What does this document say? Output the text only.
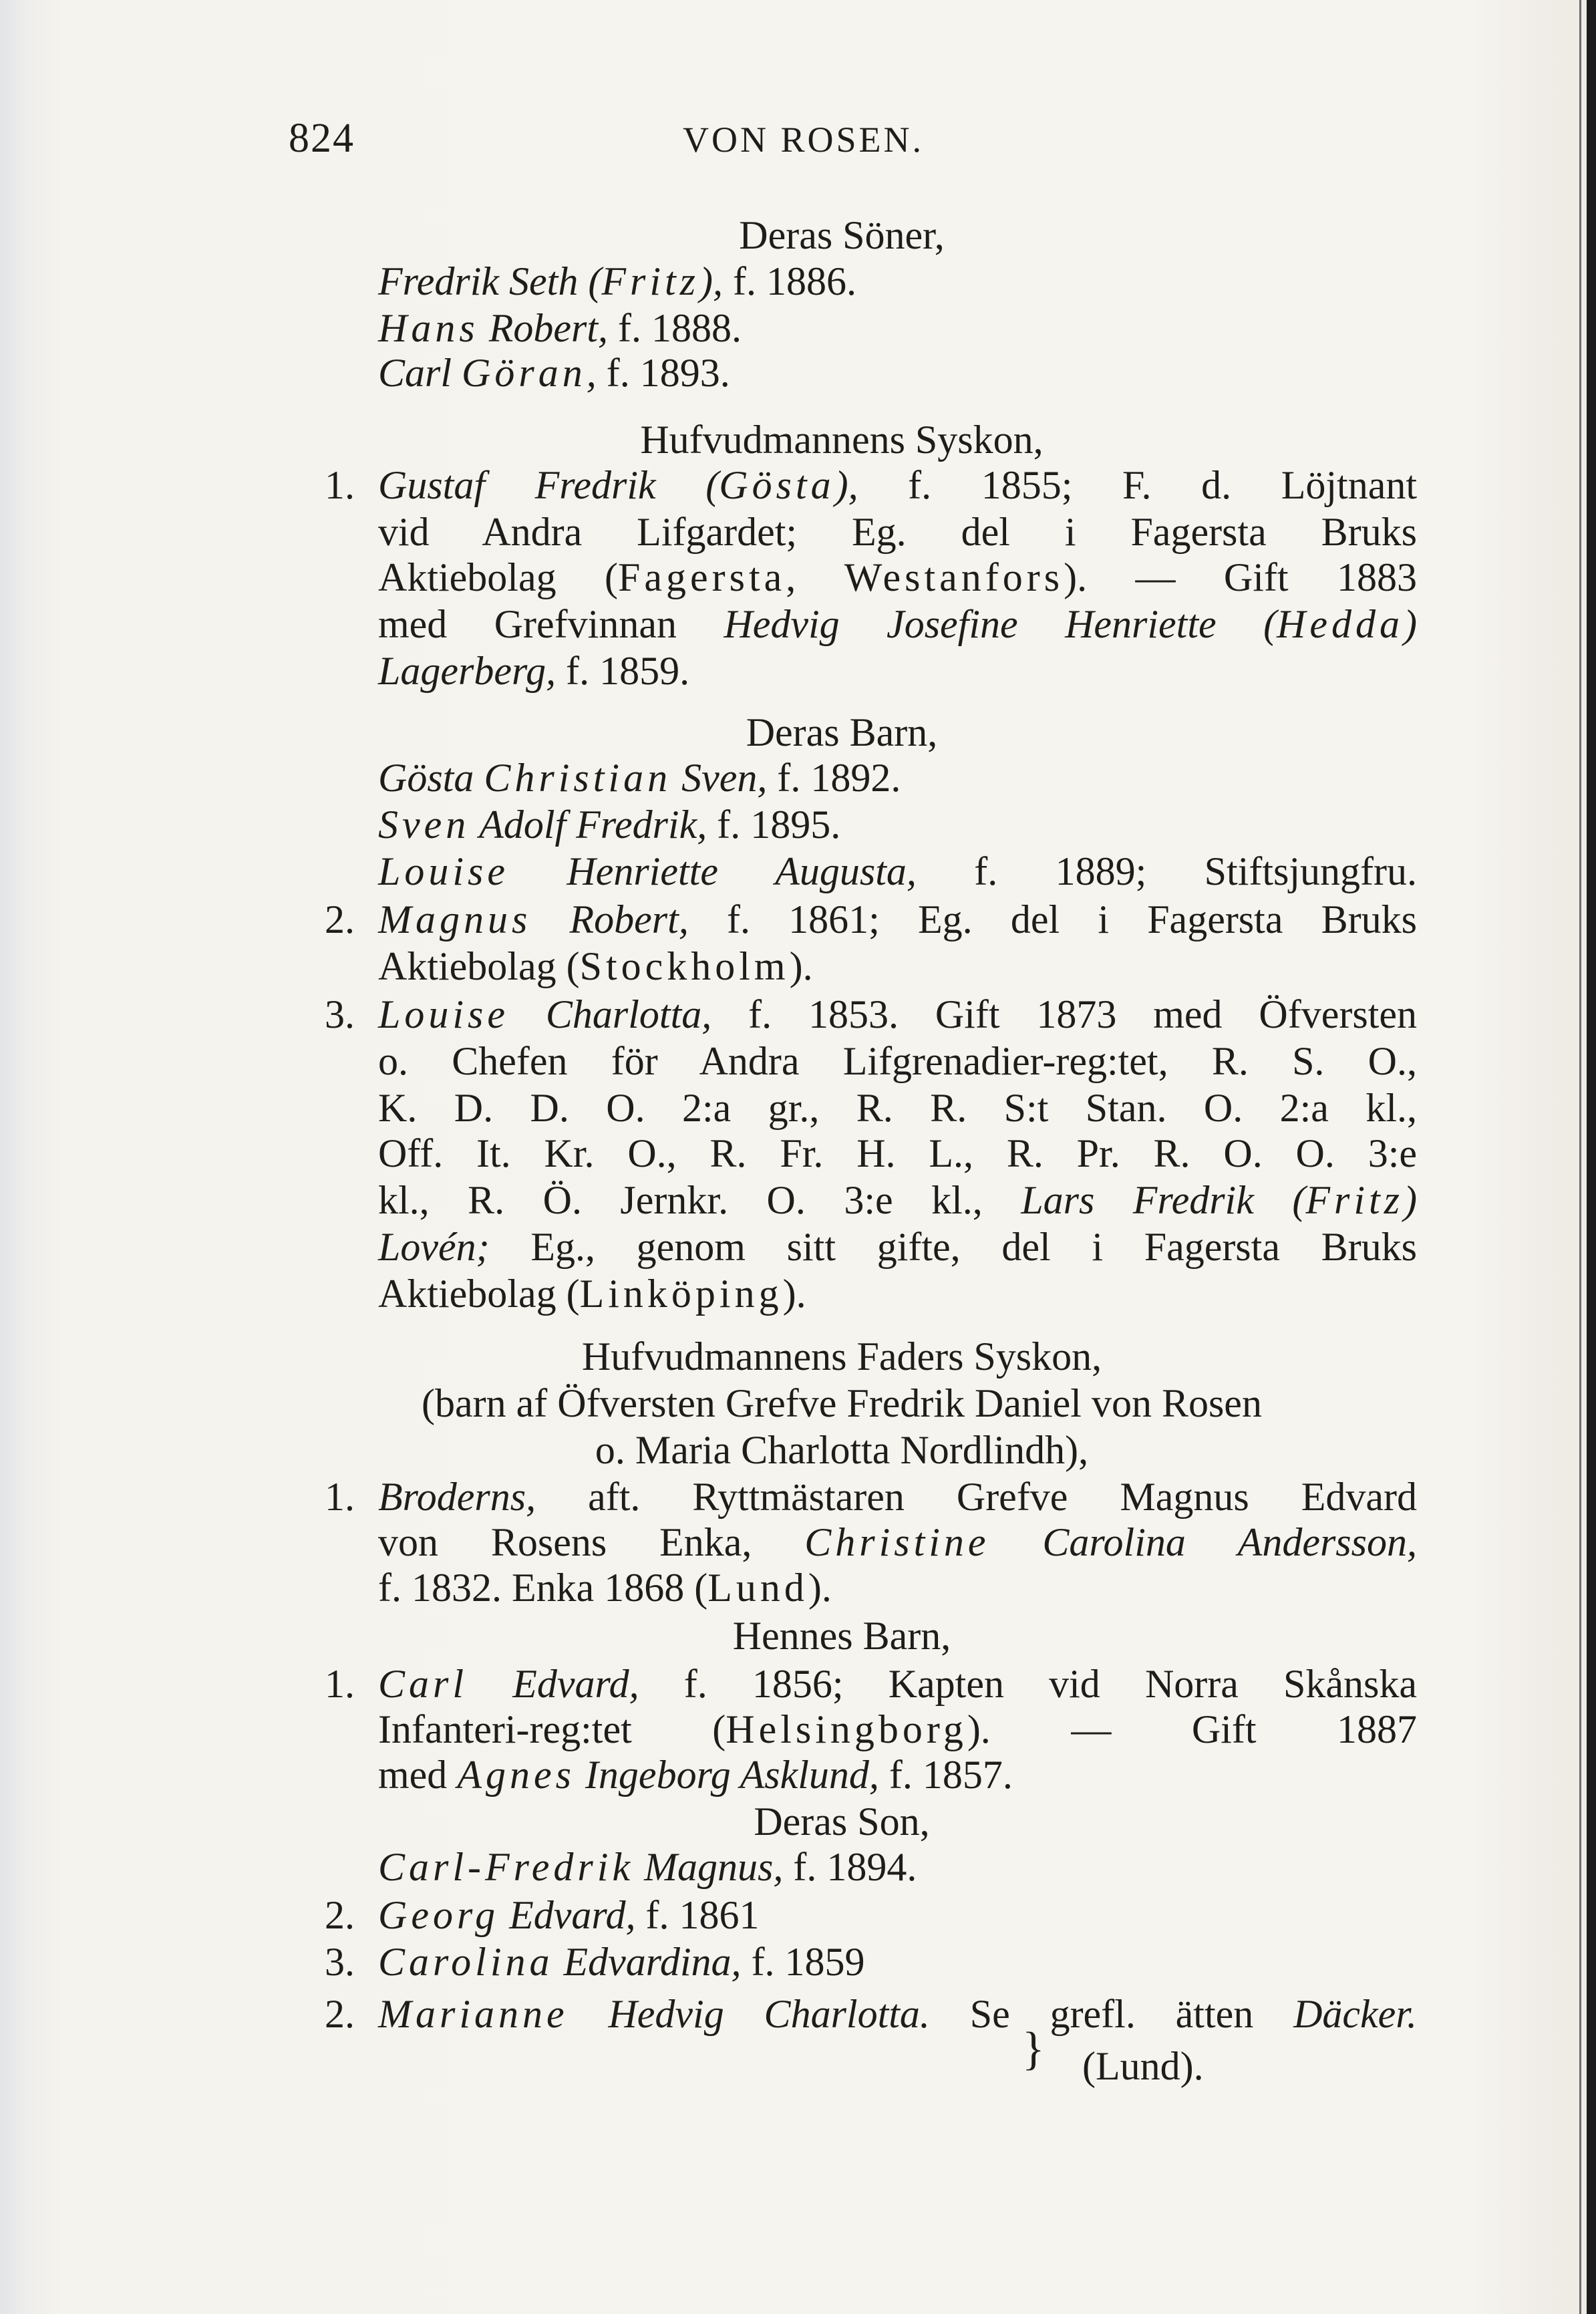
824	VON ROSEN.
Deras Söner,
Fredrik Seth (Fritz), f. 1886.
Hans Robert, f. 1888.
Carl Göran, f. 1893.
Hufvudmannens Syskon,
1. Gustaf Fredrik (Gösta), f. 1855; F. d. Löjtnant
vid Andra Lifgardet; Eg. del i Fagersta Bruks
Aktiebolag (Fagersta, Westanfors). — Gift 1883
med Grefvinnan Hedvig Josefine Henriette (Hedda)
Lagerberg, f. 1859.
Deras Barn,
Gösta Christian Sven, f. 1892.
Sven Adolf Fredrik, f. 1895.
Louise Henriette Augusta, f. 1889; Stiftsjungfru.
2. Magnus Robert, f. 1861; Eg. del i Fagersta Bruks
Aktiebolag (Stockholm).
3. Louise Charlotta, f. 1853. Gift 1873 med Öfversten
o. Chefen för Andra Lifgrenadier-reg:tet, R. S. O.,
K. D. D. O. 2:a gr., R. R. S:t Stan. O. 2:a kl.,
Off. It. Kr. O., R. Fr. H. L., R. Pr. R. O. O. 3:e
kl., R. Ö. Jernkr. O. 3:e kl., Lars Fredrik (Fritz)
Lovén; Eg., genom sitt gifte, del i Fagersta Bruks
Aktiebolag (Linköping).
Hufvudmannens Faders Syskon,
(barn af Öfversten Grefve Fredrik Daniel von Rosen
o. Maria Charlotta Nordlindh),
1. Broderns, aft. Ryttmästaren Grefve Magnus Edvard
von Rosens Enka, Christine Carolina Andersson,
f. 1832. Enka 1868 (Lund).
Hennes Barn,
1. Carl Edvard, f. 1856; Kapten vid Norra Skånska
Infanteri-reg:tet (Helsingborg). — Gift 1887
med Agnes Ingeborg Asklund, f. 1857.
Deras Son,
Carl-Fredrik Magnus, f. 1894.
2. Georg Edvard, f. 1861
3. Carolina Edvardina, f. 1859
2. Marianne Hedvig Charlotta. Se grefl. ätten Däcker.
} (Lund).
